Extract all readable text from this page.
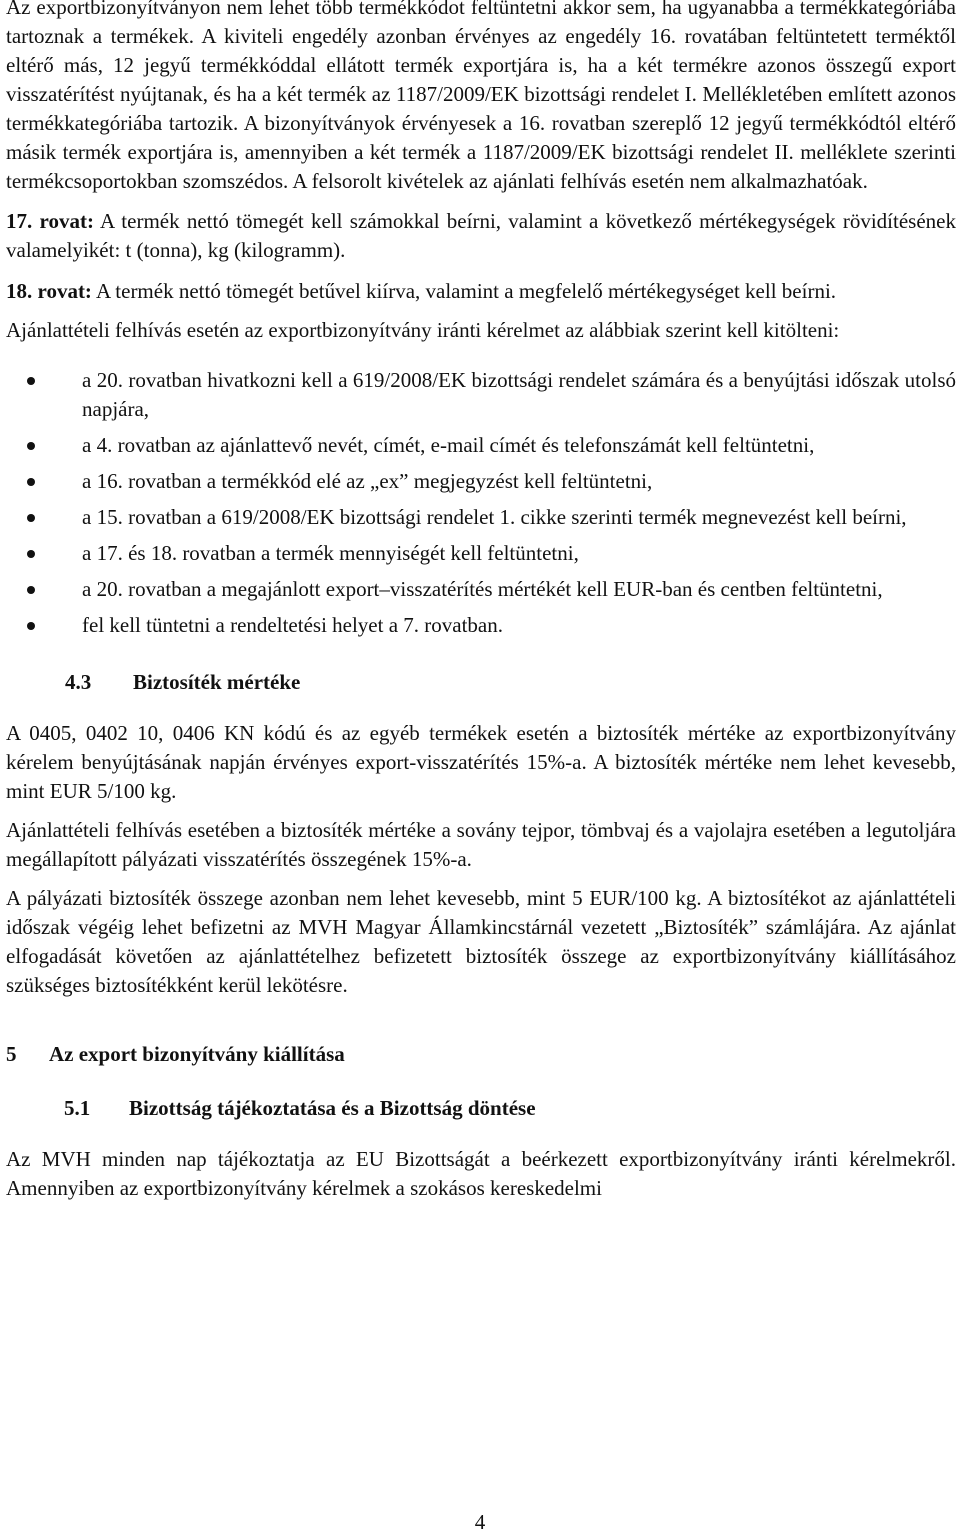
Az exportbizonyítványon nem lehet több termékkódot feltüntetni akkor sem, ha ugyanabba a termékkategóriába tartoznak a termékek. A kiviteli engedély azonban érvényes az engedély 16. rovatában feltüntetett terméktől eltérő más, 12 jegyű termékkóddal ellátott termék exportjára is, ha a két termékre azonos összegű export visszatérítést nyújtanak, és ha a két termék az 1187/2009/EK bizottsági rendelet I. Mellékletében említett azonos termékkategóriába tartozik. A bizonyítványok érvényesek a 16. rovatban szereplő 12 jegyű termékkódtól eltérő másik termék exportjára is, amennyiben a két termék a 1187/2009/EK bizottsági rendelet II. melléklete szerinti termékcsoportokban szomszédos. A felsorolt kivételek az ajánlati felhívás esetén nem alkalmazhatóak.

17. rovat: A termék nettó tömegét kell számokkal beírni, valamint a következő mértékegységek rövidítésének valamelyikét: t (tonna), kg (kilogramm).

18. rovat: A termék nettó tömegét betűvel kiírva, valamint a megfelelő mértékegységet kell beírni.

Ajánlattételi felhívás esetén az exportbizonyítvány iránti kérelmet az alábbiak szerint kell kitölteni:

a 20. rovatban hivatkozni kell a 619/2008/EK bizottsági rendelet számára és a benyújtási időszak utolsó napjára,
a 4. rovatban az ajánlattevő nevét, címét, e-mail címét és telefonszámát kell feltüntetni,
a 16. rovatban a termékkód elé az „ex” megjegyzést kell feltüntetni,
a 15. rovatban a 619/2008/EK bizottsági rendelet 1. cikke szerinti termék megnevezést kell beírni,
a 17. és 18. rovatban a termék mennyiségét kell feltüntetni,
a 20. rovatban a megajánlott export–visszatérítés mértékét kell EUR-ban és centben feltüntetni,
fel kell tüntetni a rendeltetési helyet a 7. rovatban.
4.3 Biztosíték mértéke

A 0405, 0402 10, 0406 KN kódú és az egyéb termékek esetén a biztosíték mértéke az exportbizonyítvány kérelem benyújtásának napján érvényes export-visszatérítés 15%-a. A biztosíték mértéke nem lehet kevesebb, mint EUR 5/100 kg.

Ajánlattételi felhívás esetében a biztosíték mértéke a sovány tejpor, tömbvaj és a vajolajra esetében a legutoljára megállapított pályázati visszatérítés összegének 15%-a.

A pályázati biztosíték összege azonban nem lehet kevesebb, mint 5 EUR/100 kg. A biztosítékot az ajánlattételi időszak végéig lehet befizetni az MVH Magyar Államkincstárnál vezetett „Biztosíték” számlájára. Az ajánlat elfogadását követően az ajánlattételhez befizetett biztosíték összege az exportbizonyítvány kiállításához szükséges biztosítékként kerül lekötésre.

5 Az export bizonyítvány kiállítása
5.1 Bizottság tájékoztatása és a Bizottság döntése

Az MVH minden nap tájékoztatja az EU Bizottságát a beérkezett exportbizonyítvány iránti kérelmekről. Amennyiben az exportbizonyítvány kérelmek a szokásos kereskedelmi

4
